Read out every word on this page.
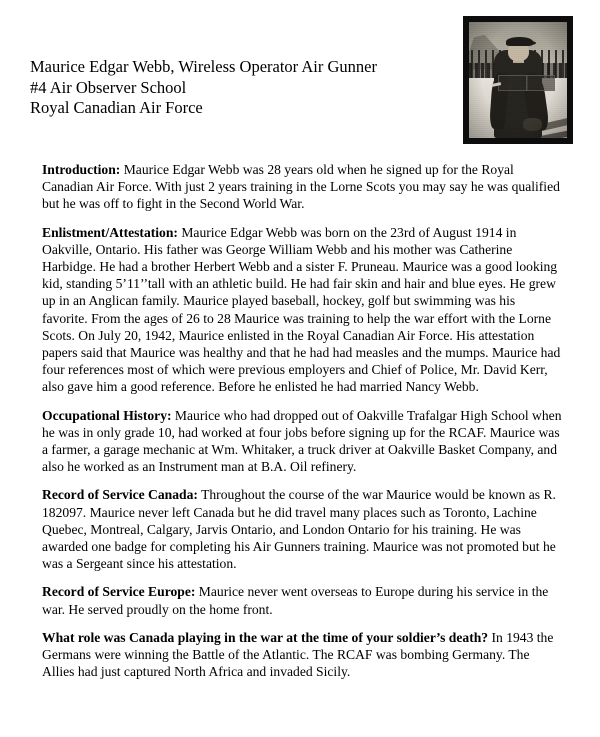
Maurice Edgar Webb, Wireless Operator Air Gunner
#4 Air Observer School
Royal Canadian Air Force

Introduction: Maurice Edgar Webb was 28 years old when he signed up for the Royal Canadian Air Force. With just 2 years training in the Lorne Scots you may say he was qualified but he was off to fight in the Second World War.

Enlistment/Attestation: Maurice Edgar Webb was born on the 23rd of August 1914 in Oakville, Ontario. His father was George William Webb and his mother was Catherine Harbidge. He had a brother Herbert Webb and a sister F. Pruneau. Maurice was a good looking kid, standing 5’11’’tall with an athletic build. He had fair skin and hair and blue eyes. He grew up in an Anglican family. Maurice played baseball, hockey, golf but swimming was his favorite. From the ages of 26 to 28 Maurice was training to help the war effort with the Lorne Scots. On July 20, 1942, Maurice enlisted in the Royal Canadian Air Force. His attestation papers said that Maurice was healthy and that he had had measles and the mumps. Maurice had four references most of which were previous employers and Chief of Police, Mr. David Kerr, also gave him a good reference. Before he enlisted he had married Nancy Webb.

Occupational History: Maurice who had dropped out of Oakville Trafalgar High School when he was in only grade 10, had worked at four jobs before signing up for the RCAF. Maurice was a farmer, a garage mechanic at Wm. Whitaker, a truck driver at Oakville Basket Company, and also he worked as an Instrument man at B.A. Oil refinery.

Record of Service Canada: Throughout the course of the war Maurice would be known as R. 182097. Maurice never left Canada but he did travel many places such as Toronto, Lachine Quebec, Montreal, Calgary, Jarvis Ontario, and London Ontario for his training. He was awarded one badge for completing his Air Gunners training. Maurice was not promoted but he was a Sergeant since his attestation.

Record of Service Europe: Maurice never went overseas to Europe during his service in the war. He served proudly on the home front.

What role was Canada playing in the war at the time of your soldier’s death? In 1943 the Germans were winning the Battle of the Atlantic. The RCAF was bombing Germany. The Allies had just captured North Africa and invaded Sicily.
